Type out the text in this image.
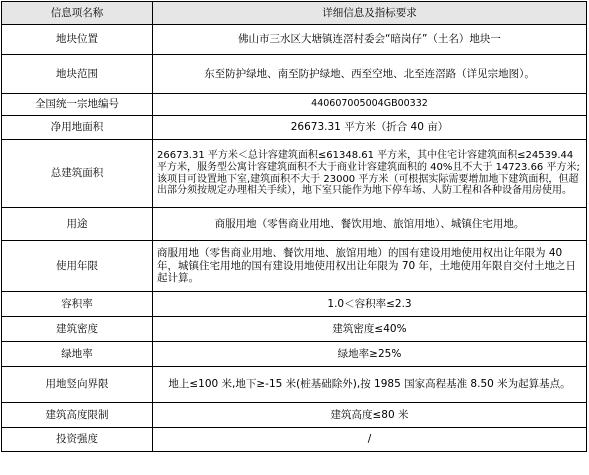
信息项名称	详细信息及指标要求
地块位置	佛山市三水区大塘镇连滘村委会“暗岗仔”（土名）地块一
地块范围	东至防护绿地、南至防护绿地、西至空地、北至连滘路（详见宗地图）。
全国统一宗地编号	440607005004GB00332
净用地面积	26673.31 平方米（折合 40 亩）
总建筑面积	26673.31 平方米＜总计容建筑面积≤61348.61 平方米，其中住宅计容建筑面积≤24539.44 平方米，服务型公寓计容建筑面积不大于商业计容建筑面积的 40%且不大于 14723.66 平方米;该项目可设置地下室,建筑面积不大于 23000 平方米（可根据实际需要增加地下建筑面积，但超出部分须按规定办理相关手续），地下室只能作为地下停车场、人防工程和各种设备用房使用。
用途	商服用地（零售商业用地、餐饮用地、旅馆用地）、城镇住宅用地。
使用年限	商服用地（零售商业用地、餐饮用地、旅馆用地）的国有建设用地使用权出让年限为 40 年，城镇住宅用地的国有建设用地使用权出让年限为 70 年，土地使用年限自交付土地之日起计算。
容积率	1.0＜容积率≤2.3
建筑密度	建筑密度≤40%
绿地率	绿地率≥25%
用地竖向界限	地上≤100 米,地下≥-15 米(桩基础除外),按 1985 国家高程基准 8.50 米为起算基点。
建筑高度限制	建筑高度≤80 米
投资强度	/
